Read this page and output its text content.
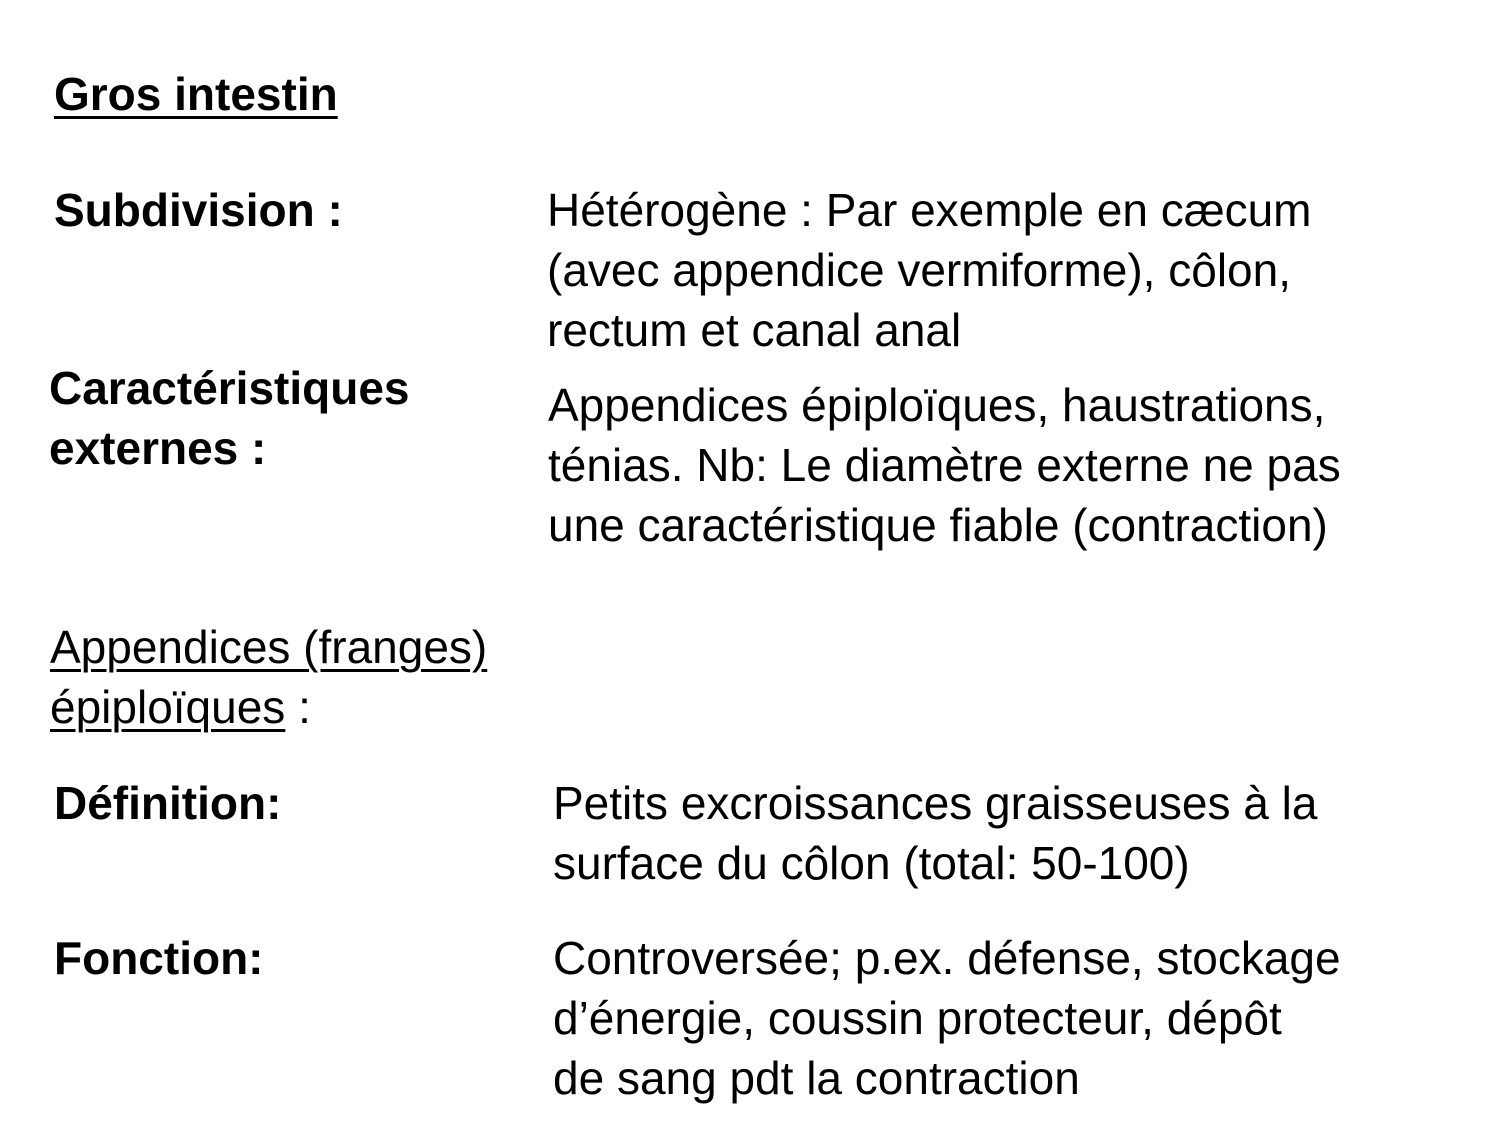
Gros intestin
Subdivision :	Hétérogène : Par exemple en cæcum
(avec appendice vermiforme), côlon,
rectum et canal anal
Caractéristiques
externes :
Appendices épiploïques, haustrations,
ténias. Nb: Le diamètre externe ne pas
une caractéristique fiable (contraction)
Appendices (franges)
épiploïques :
Définition:	Petits excroissances graisseuses à la
surface du côlon (total: 50-100)
Fonction:	Controversée; p.ex. défense, stockage
d’énergie, coussin protecteur, dépôt
de sang pdt la contraction
